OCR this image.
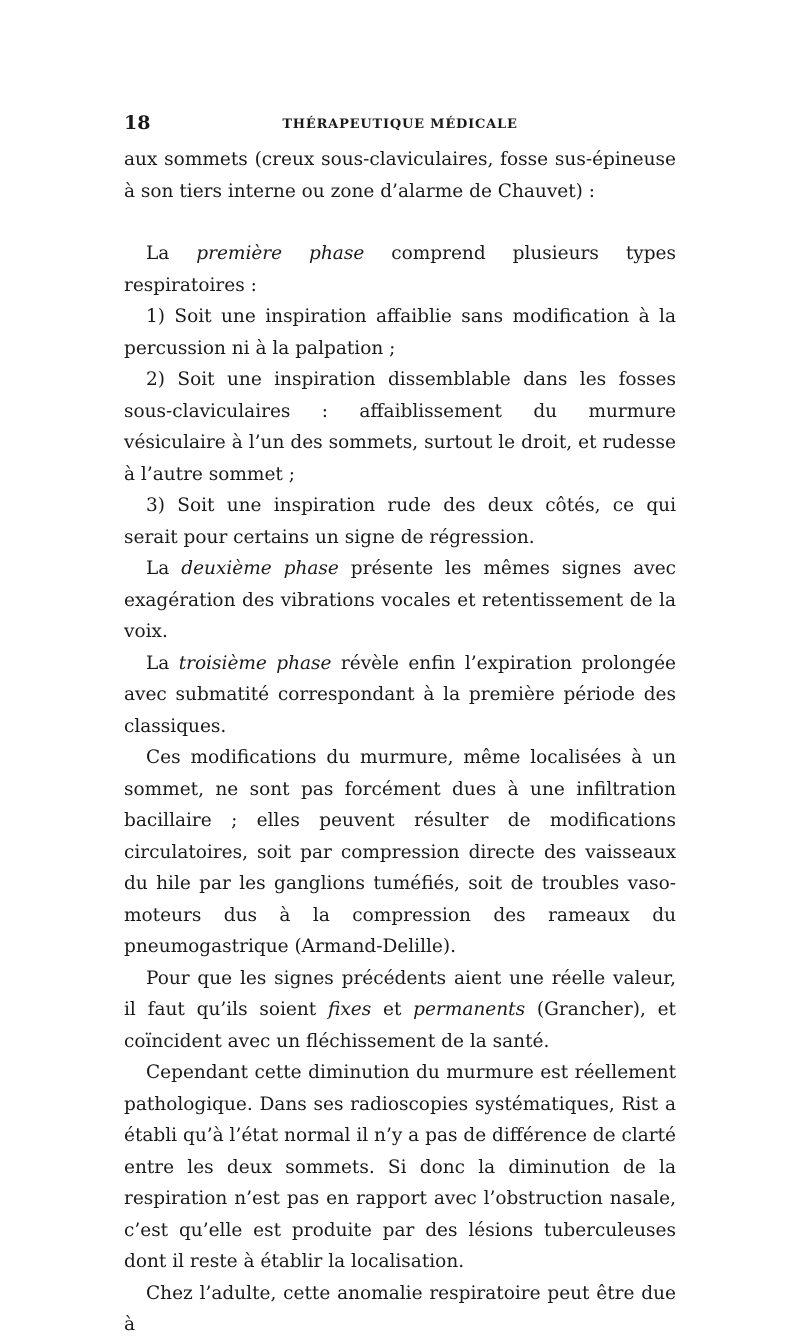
18	THÉRAPEUTIQUE MÉDICALE

aux sommets (creux sous-claviculaires, fosse sus-épineuse à son tiers interne ou zone d’alarme de Chauvet) :

La première phase comprend plusieurs types respiratoires :

1) Soit une inspiration affaiblie sans modification à la percussion ni à la palpation ;

2) Soit une inspiration dissemblable dans les fosses sous-claviculaires : affaiblissement du murmure vésiculaire à l’un des sommets, surtout le droit, et rudesse à l’autre sommet ;

3) Soit une inspiration rude des deux côtés, ce qui serait pour certains un signe de régression.

La deuxième phase présente les mêmes signes avec exagération des vibrations vocales et retentissement de la voix.

La troisième phase révèle enfin l’expiration prolongée avec submatité correspondant à la première période des classiques.

Ces modifications du murmure, même localisées à un sommet, ne sont pas forcément dues à une infiltration bacillaire ; elles peuvent résulter de modifications circulatoires, soit par compression directe des vaisseaux du hile par les ganglions tuméfiés, soit de troubles vaso-moteurs dus à la compression des rameaux du pneumogastrique (Armand-Delille).

Pour que les signes précédents aient une réelle valeur, il faut qu’ils soient fixes et permanents (Grancher), et coïncident avec un fléchissement de la santé.

Cependant cette diminution du murmure est réellement pathologique. Dans ses radioscopies systématiques, Rist a établi qu’à l’état normal il n’y a pas de différence de clarté entre les deux sommets. Si donc la diminution de la respiration n’est pas en rapport avec l’obstruction nasale, c’est qu’elle est produite par des lésions tuberculeuses dont il reste à établir la localisation.

Chez l’adulte, cette anomalie respiratoire peut être due à
